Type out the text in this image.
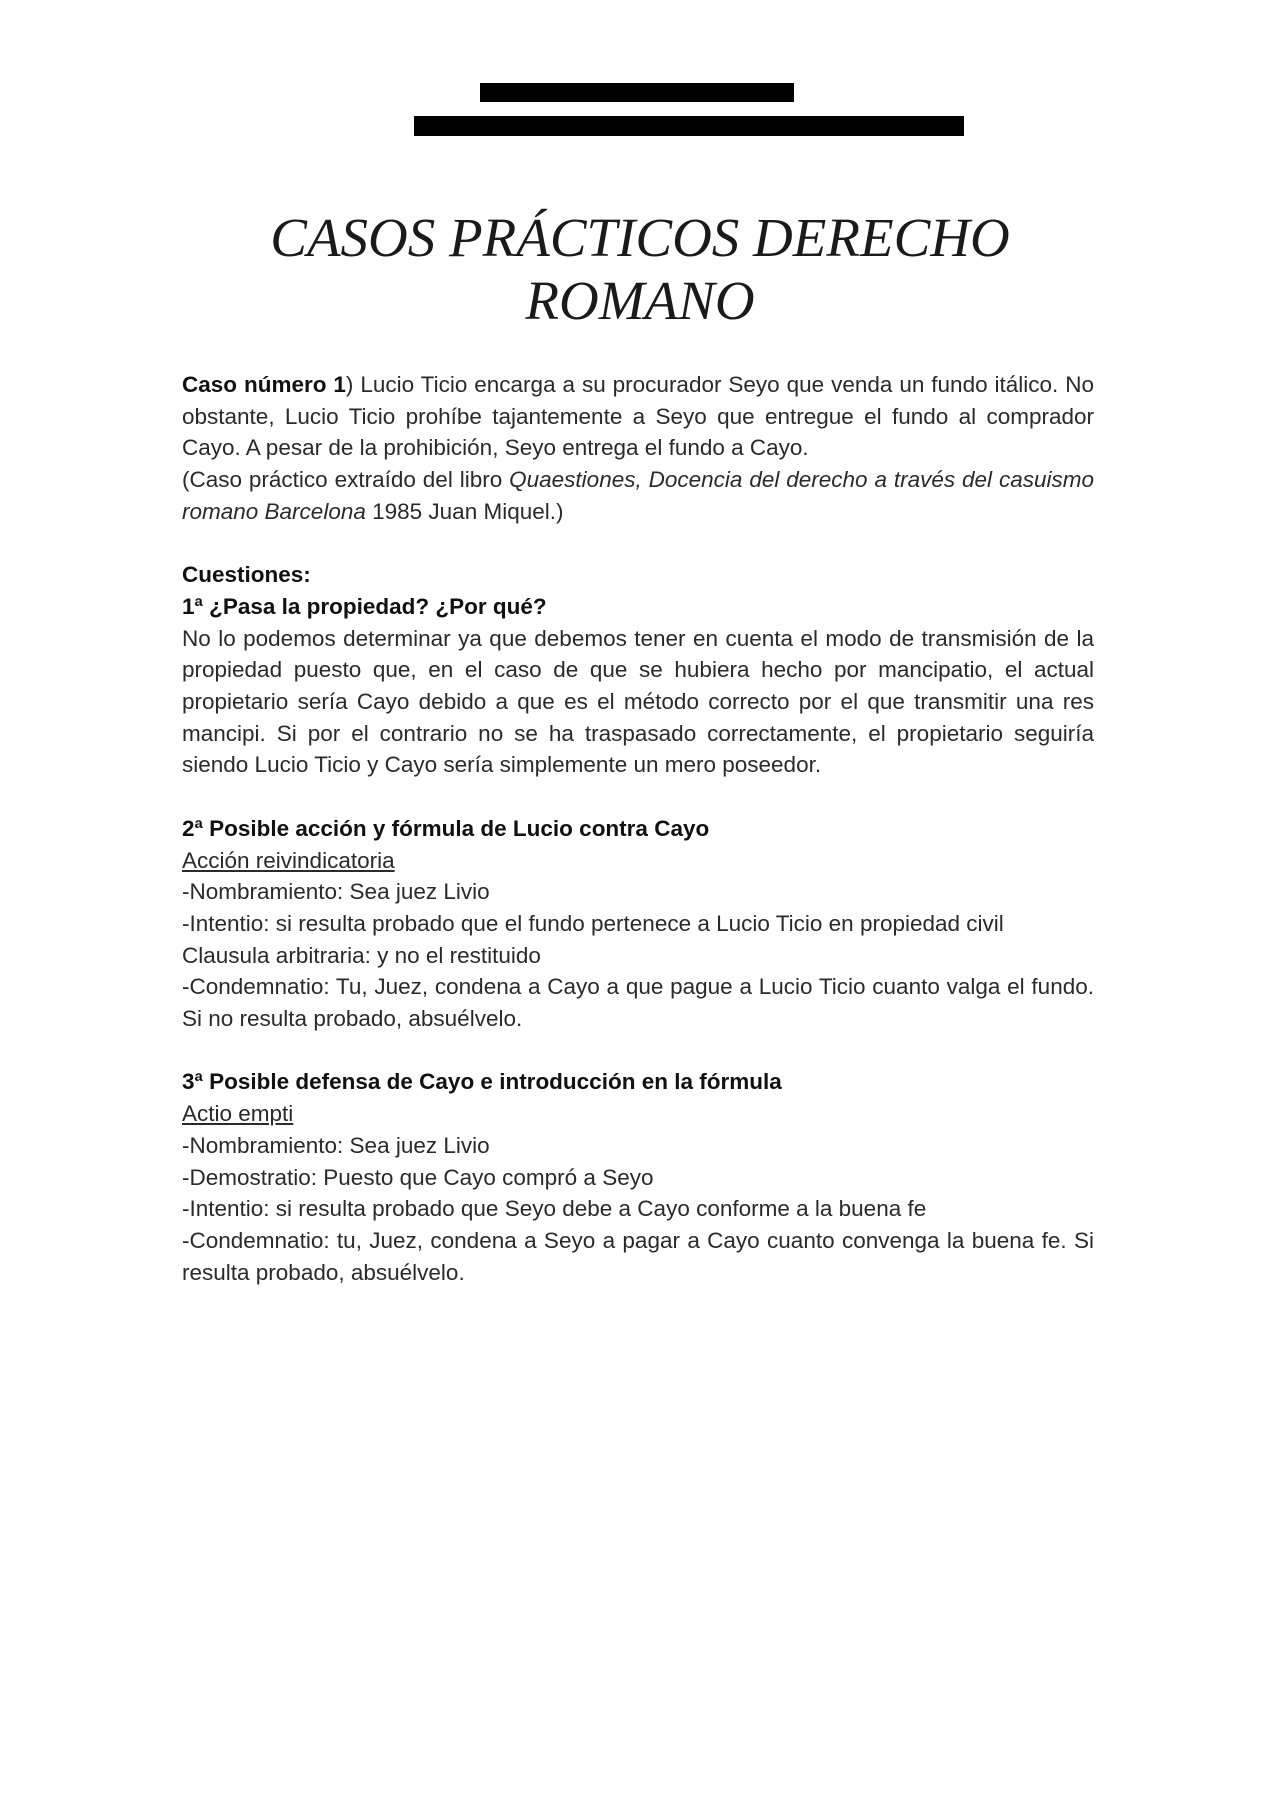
CASOS PRÁCTICOS DERECHO ROMANO

Caso número 1) Lucio Ticio encarga a su procurador Seyo que venda un fundo itálico. No obstante, Lucio Ticio prohíbe tajantemente a Seyo que entregue el fundo al comprador Cayo. A pesar de la prohibición, Seyo entrega el fundo a Cayo.

(Caso práctico extraído del libro Quaestiones, Docencia del derecho a través del casuismo romano Barcelona 1985 Juan Miquel.)

Cuestiones:

1ª ¿Pasa la propiedad? ¿Por qué?

No lo podemos determinar ya que debemos tener en cuenta el modo de transmisión de la propiedad puesto que, en el caso de que se hubiera hecho por mancipatio, el actual propietario sería Cayo debido a que es el método correcto por el que transmitir una res mancipi. Si por el contrario no se ha traspasado correctamente, el propietario seguiría siendo Lucio Ticio y Cayo sería simplemente un mero poseedor.

2ª Posible acción y fórmula de Lucio contra Cayo

Acción reivindicatoria

-Nombramiento: Sea juez Livio

-Intentio: si resulta probado que el fundo pertenece a Lucio Ticio en propiedad civil

Clausula arbitraria: y no el restituido

-Condemnatio: Tu, Juez, condena a Cayo a que pague a Lucio Ticio cuanto valga el fundo. Si no resulta probado, absuélvelo.

3ª Posible defensa de Cayo e introducción en la fórmula

Actio empti

-Nombramiento: Sea juez Livio

-Demostratio: Puesto que Cayo compró a Seyo

-Intentio: si resulta probado que Seyo debe a Cayo conforme a la buena fe

-Condemnatio: tu, Juez, condena a Seyo a pagar a Cayo cuanto convenga la buena fe. Si resulta probado, absuélvelo.
